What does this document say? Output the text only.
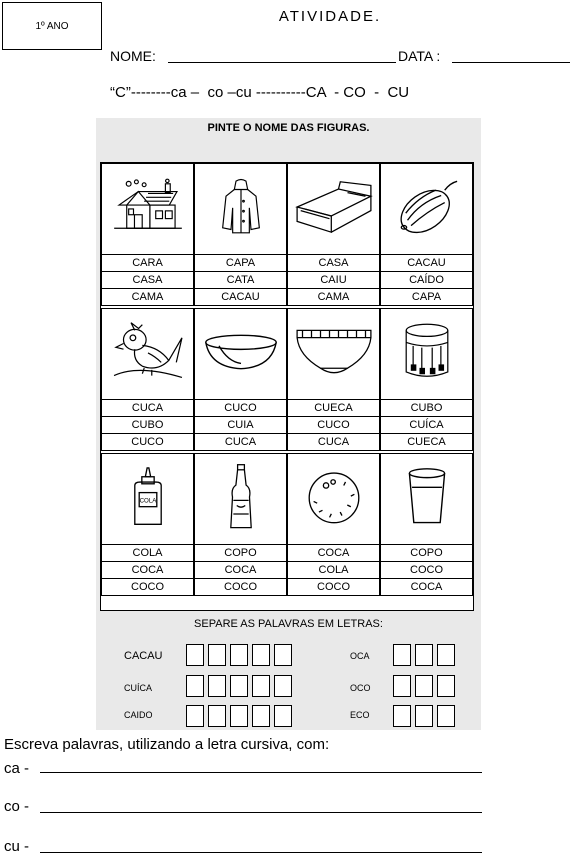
1º ANO
ATIVIDADE.
NOME:	DATA :
“C”--------ca –  co –cu ----------CA  - CO  -  CU
PINTE O NOME DAS FIGURAS.
CARA
CASA
CAMA
CAPA
CATA
CACAU
CASA
CAIU
CAMA
CACAU
CAÍDO
CAPA
CUCA
CUBO
CUCO
CUCO
CUIA
CUCA
CUECA
CUCO
CUCA
CUBO
CUÍCA
CUECA
COLA
COLA
COCA
COCO
COPO
COCA
COCO
COCA
COLA
COCO
COPO
COCO
COCA
SEPARE AS PALAVRAS EM LETRAS:
CACAU
CUÍCA
CAIDO
OCA
OCO
ECO
Escreva palavras, utilizando a letra cursiva, com:
ca -
co -
cu -
